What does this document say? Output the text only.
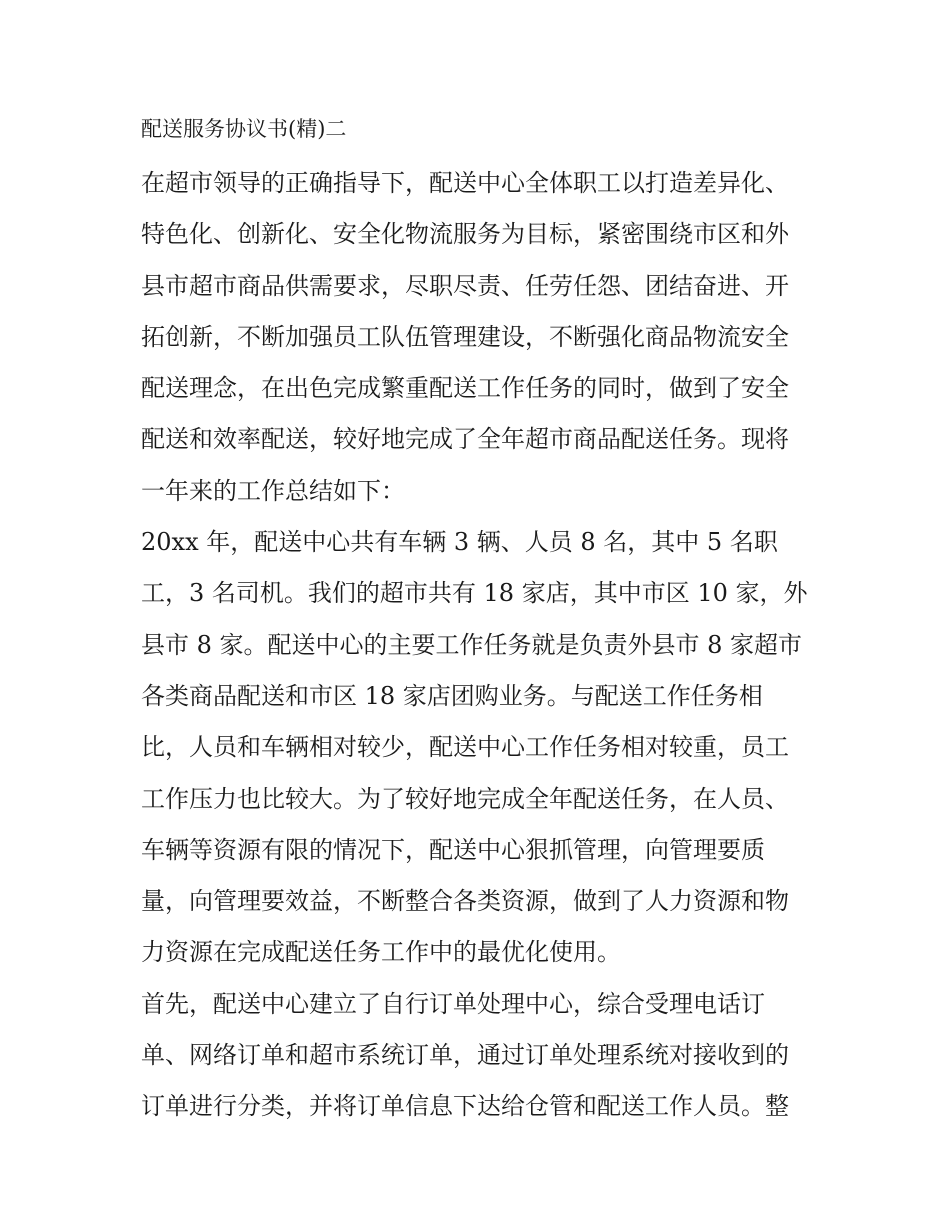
配送服务协议书(精)二
在超市领导的正确指导下，配送中心全体职工以打造差异化、
特色化、创新化、安全化物流服务为目标，紧密围绕市区和外
县市超市商品供需要求，尽职尽责、任劳任怨、团结奋进、开
拓创新，不断加强员工队伍管理建设，不断强化商品物流安全
配送理念，在出色完成繁重配送工作任务的同时，做到了安全
配送和效率配送，较好地完成了全年超市商品配送任务。现将
一年来的工作总结如下：
20xx 年，配送中心共有车辆 3 辆、人员 8 名，其中 5 名职
工，3 名司机。我们的超市共有 18 家店，其中市区 10 家，外
县市 8 家。配送中心的主要工作任务就是负责外县市 8 家超市
各类商品配送和市区 18 家店团购业务。与配送工作任务相
比，人员和车辆相对较少，配送中心工作任务相对较重，员工
工作压力也比较大。为了较好地完成全年配送任务，在人员、
车辆等资源有限的情况下，配送中心狠抓管理，向管理要质
量，向管理要效益，不断整合各类资源，做到了人力资源和物
力资源在完成配送任务工作中的最优化使用。
首先，配送中心建立了自行订单处理中心，综合受理电话订
单、网络订单和超市系统订单，通过订单处理系统对接收到的
订单进行分类，并将订单信息下达给仓管和配送工作人员。整
